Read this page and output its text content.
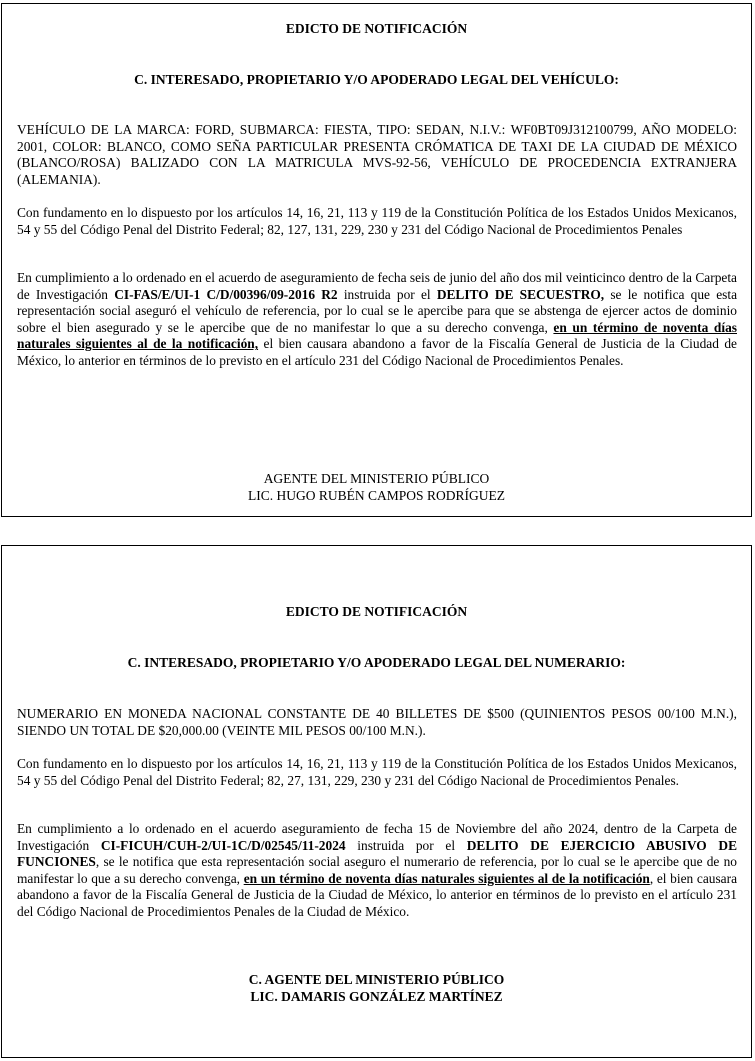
EDICTO DE NOTIFICACIÓN
C. INTERESADO, PROPIETARIO Y/O APODERADO LEGAL DEL VEHÍCULO:
VEHÍCULO DE LA MARCA: FORD, SUBMARCA: FIESTA, TIPO: SEDAN, N.I.V.: WF0BT09J312100799, AÑO MODELO: 2001, COLOR: BLANCO, COMO SEÑA PARTICULAR PRESENTA CRÓMATICA DE TAXI DE LA CIUDAD DE MÉXICO (BLANCO/ROSA) BALIZADO CON LA MATRICULA MVS-92-56, VEHÍCULO DE PROCEDENCIA EXTRANJERA (ALEMANIA).
Con fundamento en lo dispuesto por los artículos 14, 16, 21, 113 y 119 de la Constitución Política de los Estados Unidos Mexicanos, 54 y 55 del Código Penal del Distrito Federal; 82, 127, 131, 229, 230 y 231 del Código Nacional de Procedimientos Penales
En cumplimiento a lo ordenado en el acuerdo de aseguramiento de fecha seis de junio del año dos mil veinticinco dentro de la Carpeta de Investigación CI-FAS/E/UI-1 C/D/00396/09-2016 R2 instruida por el DELITO DE SECUESTRO, se le notifica que esta representación social aseguró el vehículo de referencia, por lo cual se le apercibe para que se abstenga de ejercer actos de dominio sobre el bien asegurado y se le apercibe que de no manifestar lo que a su derecho convenga, en un término de noventa días naturales siguientes al de la notificación, el bien causara abandono a favor de la Fiscalía General de Justicia de la Ciudad de México, lo anterior en términos de lo previsto en el artículo 231 del Código Nacional de Procedimientos Penales.
AGENTE DEL MINISTERIO PÚBLICO
LIC. HUGO RUBÉN CAMPOS RODRÍGUEZ
EDICTO DE NOTIFICACIÓN
C. INTERESADO, PROPIETARIO Y/O APODERADO LEGAL DEL NUMERARIO:
NUMERARIO EN MONEDA NACIONAL CONSTANTE DE 40 BILLETES DE $500 (QUINIENTOS PESOS 00/100 M.N.), SIENDO UN TOTAL DE $20,000.00 (VEINTE MIL PESOS 00/100 M.N.).
Con fundamento en lo dispuesto por los artículos 14, 16, 21, 113 y 119 de la Constitución Política de los Estados Unidos Mexicanos, 54 y 55 del Código Penal del Distrito Federal; 82, 27, 131, 229, 230 y 231 del Código Nacional de Procedimientos Penales.
En cumplimiento a lo ordenado en el acuerdo aseguramiento de fecha 15 de Noviembre del año 2024, dentro de la Carpeta de Investigación CI-FICUH/CUH-2/UI-1C/D/02545/11-2024 instruida por el DELITO DE EJERCICIO ABUSIVO DE FUNCIONES, se le notifica que esta representación social aseguro el numerario de referencia, por lo cual se le apercibe que de no manifestar lo que a su derecho convenga, en un término de noventa días naturales siguientes al de la notificación, el bien causara abandono a favor de la Fiscalía General de Justicia de la Ciudad de México, lo anterior en términos de lo previsto en el artículo 231 del Código Nacional de Procedimientos Penales de la Ciudad de México.
C. AGENTE DEL MINISTERIO PÚBLICO
LIC. DAMARIS GONZÁLEZ MARTÍNEZ
